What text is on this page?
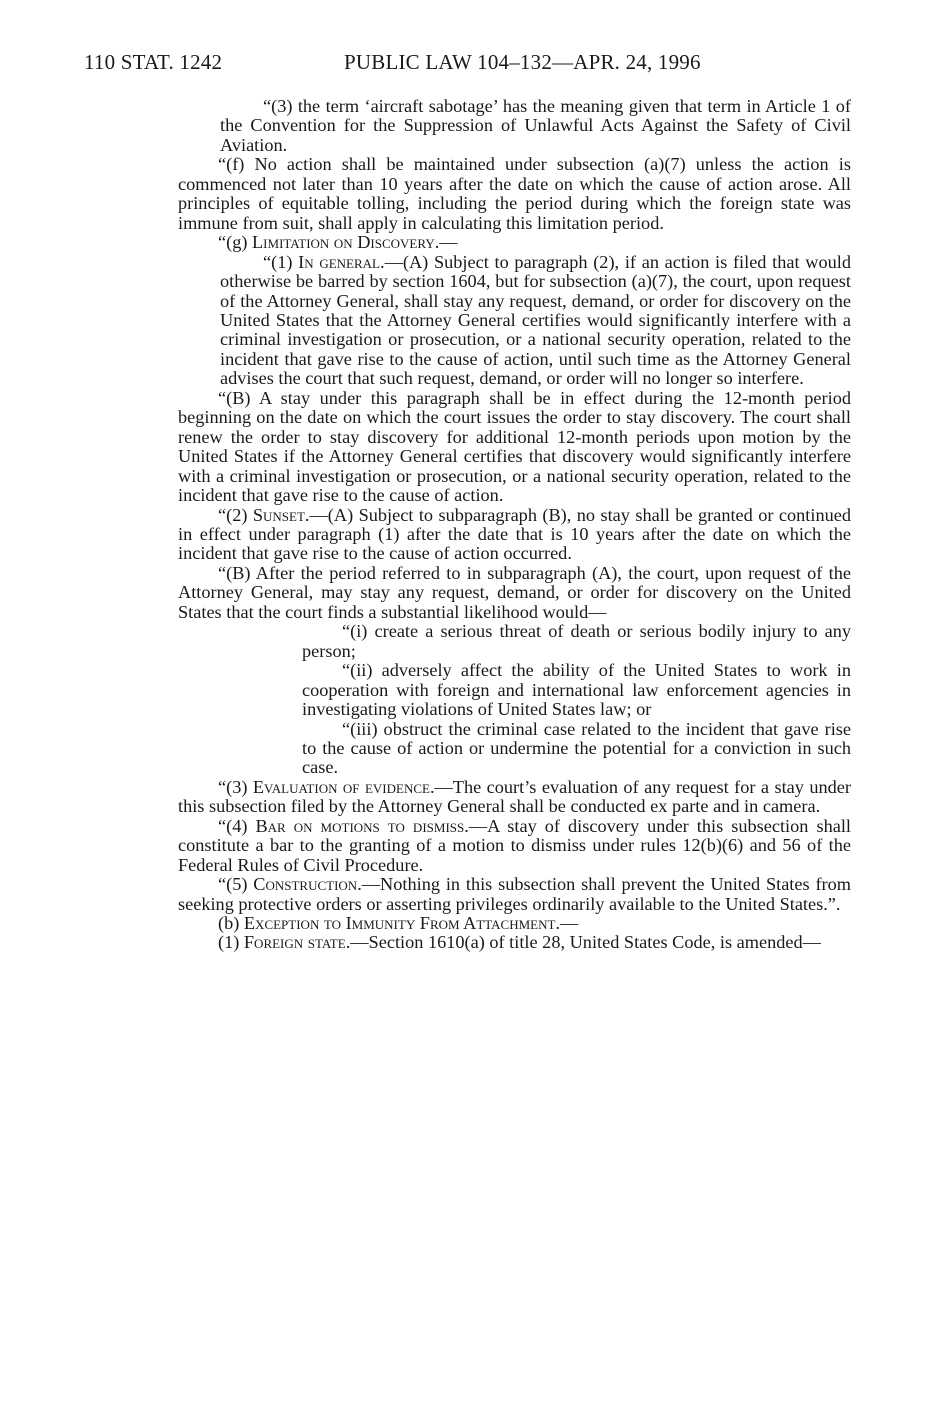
110 STAT. 1242	PUBLIC LAW 104–132—APR. 24, 1996

“(3) the term ‘aircraft sabotage’ has the meaning given that term in Article 1 of the Convention for the Suppression of Unlawful Acts Against the Safety of Civil Aviation.

“(f) No action shall be maintained under subsection (a)(7) unless the action is commenced not later than 10 years after the date on which the cause of action arose. All principles of equitable tolling, including the period during which the foreign state was immune from suit, shall apply in calculating this limitation period.

“(g) Limitation on Discovery.—

“(1) In general.—(A) Subject to paragraph (2), if an action is filed that would otherwise be barred by section 1604, but for subsection (a)(7), the court, upon request of the Attorney General, shall stay any request, demand, or order for discovery on the United States that the Attorney General certifies would significantly interfere with a criminal investigation or prosecution, or a national security operation, related to the incident that gave rise to the cause of action, until such time as the Attorney General advises the court that such request, demand, or order will no longer so interfere.

“(B) A stay under this paragraph shall be in effect during the 12-month period beginning on the date on which the court issues the order to stay discovery. The court shall renew the order to stay discovery for additional 12-month periods upon motion by the United States if the Attorney General certifies that discovery would significantly interfere with a criminal investigation or prosecution, or a national security operation, related to the incident that gave rise to the cause of action.

“(2) Sunset.—(A) Subject to subparagraph (B), no stay shall be granted or continued in effect under paragraph (1) after the date that is 10 years after the date on which the incident that gave rise to the cause of action occurred.

“(B) After the period referred to in subparagraph (A), the court, upon request of the Attorney General, may stay any request, demand, or order for discovery on the United States that the court finds a substantial likelihood would—

“(i) create a serious threat of death or serious bodily injury to any person;

“(ii) adversely affect the ability of the United States to work in cooperation with foreign and international law enforcement agencies in investigating violations of United States law; or

“(iii) obstruct the criminal case related to the incident that gave rise to the cause of action or undermine the potential for a conviction in such case.

“(3) Evaluation of evidence.—The court’s evaluation of any request for a stay under this subsection filed by the Attorney General shall be conducted ex parte and in camera.

“(4) Bar on motions to dismiss.—A stay of discovery under this subsection shall constitute a bar to the granting of a motion to dismiss under rules 12(b)(6) and 56 of the Federal Rules of Civil Procedure.

“(5) Construction.—Nothing in this subsection shall prevent the United States from seeking protective orders or asserting privileges ordinarily available to the United States.”.

(b) Exception to Immunity From Attachment.—

(1) Foreign state.—Section 1610(a) of title 28, United States Code, is amended—
